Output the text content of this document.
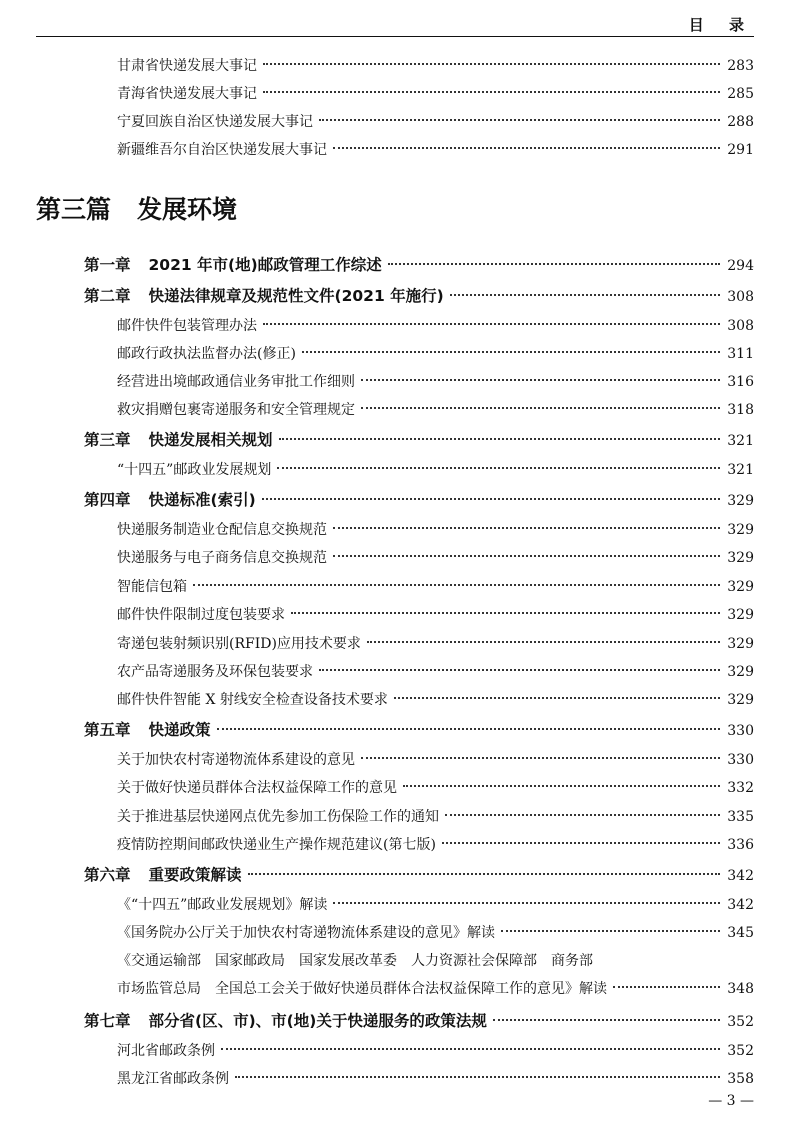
目 录
甘肃省快递发展大事记	283
青海省快递发展大事记	285
宁夏回族自治区快递发展大事记	288
新疆维吾尔自治区快递发展大事记	291
第三篇 发展环境
第一章 2021 年市(地)邮政管理工作综述	294
第二章 快递法律规章及规范性文件(2021 年施行)	308
邮件快件包装管理办法	308
邮政行政执法监督办法(修正)	311
经营进出境邮政通信业务审批工作细则	316
救灾捐赠包裹寄递服务和安全管理规定	318
第三章 快递发展相关规划	321
“十四五”邮政业发展规划	321
第四章 快递标准(索引)	329
快递服务制造业仓配信息交换规范	329
快递服务与电子商务信息交换规范	329
智能信包箱	329
邮件快件限制过度包装要求	329
寄递包装射频识别(RFID)应用技术要求	329
农产品寄递服务及环保包装要求	329
邮件快件智能 X 射线安全检查设备技术要求	329
第五章 快递政策	330
关于加快农村寄递物流体系建设的意见	330
关于做好快递员群体合法权益保障工作的意见	332
关于推进基层快递网点优先参加工伤保险工作的通知	335
疫情防控期间邮政快递业生产操作规范建议(第七版)	336
第六章 重要政策解读	342
《“十四五”邮政业发展规划》解读	342
《国务院办公厅关于加快农村寄递物流体系建设的意见》解读	345
《交通运输部　国家邮政局　国家发展改革委　人力资源社会保障部　商务部
市场监管总局　全国总工会关于做好快递员群体合法权益保障工作的意见》解读	348
第七章 部分省(区、市)、市(地)关于快递服务的政策法规	352
河北省邮政条例	352
黑龙江省邮政条例	358
— 3 —
